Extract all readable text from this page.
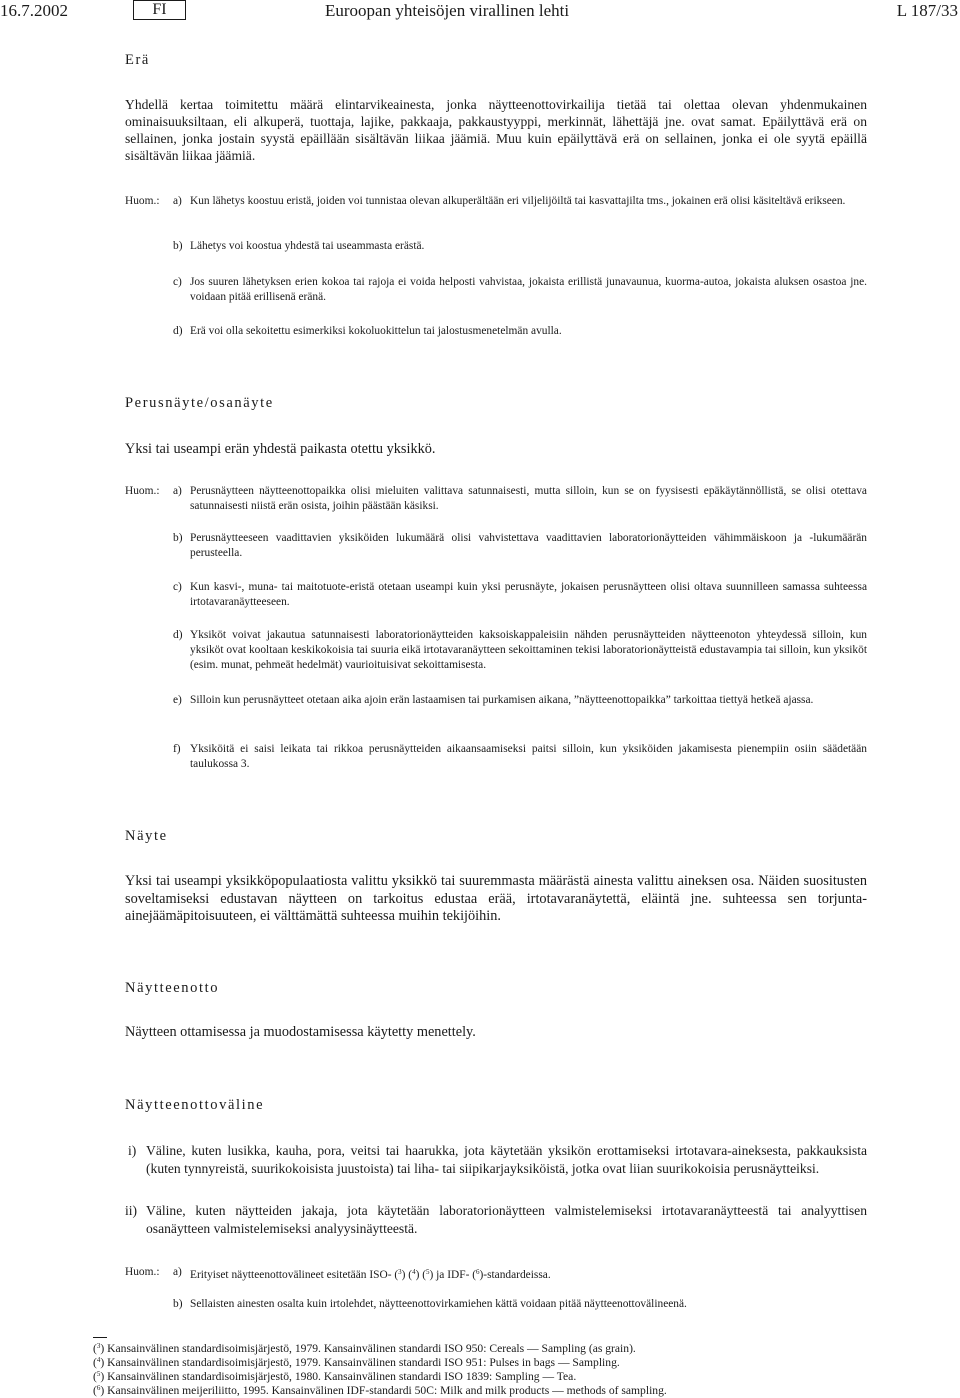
16.7.2002	FI	Euroopan yhteisöjen virallinen lehti	L 187/33
Erä
Yhdellä kertaa toimitettu määrä elintarvikeainesta, jonka näytteenottovirkailija tietää tai olettaa olevan yhdenmukainen ominaisuuksiltaan, eli alkuperä, tuottaja, lajike, pakkaaja, pakkaustyyppi, merkinnät, lähettäjä jne. ovat samat. Epäilyttävä erä on sellainen, jonka jostain syystä epäillään sisältävän liikaa jäämiä. Muu kuin epäilyttävä erä on sellainen, jonka ei ole syytä epäillä sisältävän liikaa jäämiä.
Huom.: a) Kun lähetys koostuu eristä, joiden voi tunnistaa olevan alkuperältään eri viljelijöiltä tai kasvattajilta tms., jokainen erä olisi käsiteltävä erikseen.
b) Lähetys voi koostua yhdestä tai useammasta erästä.
c) Jos suuren lähetyksen erien kokoa tai rajoja ei voida helposti vahvistaa, jokaista erillistä junavaunua, kuorma-autoa, jokaista aluksen osastoa jne. voidaan pitää erillisenä eränä.
d) Erä voi olla sekoitettu esimerkiksi kokoluokittelun tai jalostusmenetelmän avulla.
Perusnäyte/osanäyte
Yksi tai useampi erän yhdestä paikasta otettu yksikkö.
Huom.: a) Perusnäytteen näytteenottopaikka olisi mieluiten valittava satunnaisesti, mutta silloin, kun se on fyysisesti epäkäytännöllistä, se olisi otettava satunnaisesti niistä erän osista, joihin päästään käsiksi.
b) Perusnäytteeseen vaadittavien yksiköiden lukumäärä olisi vahvistettava vaadittavien laboratorionäytteiden vähimmäiskoon ja -lukumäärän perusteella.
c) Kun kasvi-, muna- tai maitotuote-eristä otetaan useampi kuin yksi perusnäyte, jokaisen perusnäytteen olisi oltava suunnilleen samassa suhteessa irtotavaranäytteeseen.
d) Yksiköt voivat jakautua satunnaisesti laboratorionäytteiden kaksoiskappaleisiin nähden perusnäytteiden näytteenoton yhteydessä silloin, kun yksiköt ovat kooltaan keskikokoisia tai suuria eikä irtotavaranäytteen sekoittaminen tekisi laboratorionäytteistä edustavampia tai silloin, kun yksiköt (esim. munat, pehmeät hedelmät) vaurioituisivat sekoittamisesta.
e) Silloin kun perusnäytteet otetaan aika ajoin erän lastaamisen tai purkamisen aikana, ”näytteenottopaikka” tarkoittaa tiettyä hetkeä ajassa.
f) Yksiköitä ei saisi leikata tai rikkoa perusnäytteiden aikaansaamiseksi paitsi silloin, kun yksiköiden jakamisesta pienempiin osiin säädetään taulukossa 3.
Näyte
Yksi tai useampi yksikköpopulaatiosta valittu yksikkö tai suuremmasta määrästä ainesta valittu aineksen osa. Näiden suositusten soveltamiseksi edustavan näytteen on tarkoitus edustaa erää, irtotavaranäytettä, eläintä jne. suhteessa sen torjunta-ainejäämäpitoisuuteen, ei välttämättä suhteessa muihin tekijöihin.
Näytteenotto
Näytteen ottamisessa ja muodostamisessa käytetty menettely.
Näytteenottoväline
i) Väline, kuten lusikka, kauha, pora, veitsi tai haarukka, jota käytetään yksikön erottamiseksi irtotavara-aineksesta, pakkauksista (kuten tynnyreistä, suurikokoisista juustoista) tai liha- tai siipikarjayksiköistä, jotka ovat liian suurikokoisia perusnäytteiksi.
ii) Väline, kuten näytteiden jakaja, jota käytetään laboratorionäytteen valmistelemiseksi irtotavaranäytteestä tai analyyttisen osanäytteen valmistelemiseksi analyysinäytteestä.
Huom.: a) Erityiset näytteenottovälineet esitetään ISO- ($^3$) ($^4$) ($^5$) ja IDF- ($^6$)-standardeissa.
b) Sellaisten ainesten osalta kuin irtolehdet, näytteenottovirkamiehen kättä voidaan pitää näytteenottovälineenä.
($^3$) Kansainvälinen standardisoimisjärjestö, 1979. Kansainvälinen standardi ISO 950: Cereals — Sampling (as grain).
($^4$) Kansainvälinen standardisoimisjärjestö, 1979. Kansainvälinen standardi ISO 951: Pulses in bags — Sampling.
($^5$) Kansainvälinen standardisoimisjärjestö, 1980. Kansainvälinen standardi ISO 1839: Sampling — Tea.
($^6$) Kansainvälinen meijeriliitto, 1995. Kansainvälinen IDF-standardi 50C: Milk and milk products — methods of sampling.
